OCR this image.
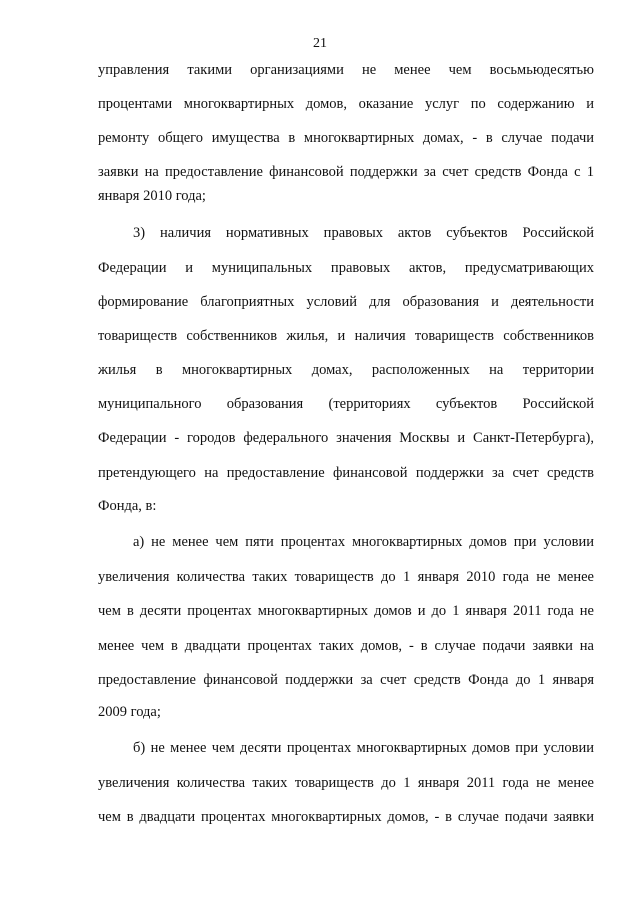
21
управления такими организациями не менее чем восьмьюдесятью
процентами многоквартирных домов, оказание услуг по содержанию и
ремонту общего имущества в многоквартирных домах, - в случае подачи
заявки на предоставление финансовой поддержки за счет средств Фонда с 1
января 2010 года;
3) наличия нормативных правовых актов субъектов Российской
Федерации и муниципальных правовых актов, предусматривающих
формирование благоприятных условий для образования и деятельности
товариществ собственников жилья, и наличия товариществ собственников
жилья в многоквартирных домах, расположенных на территории
муниципального образования (территориях субъектов Российской
Федерации - городов федерального значения Москвы и Санкт-Петербурга),
претендующего на предоставление финансовой поддержки за счет средств
Фонда, в:
а) не менее чем пяти процентах многоквартирных домов при условии
увеличения количества таких товариществ до 1 января 2010 года не менее
чем в десяти процентах многоквартирных домов и до 1 января 2011 года не
менее чем в двадцати процентах таких домов, - в случае подачи заявки на
предоставление финансовой поддержки за счет средств Фонда до 1 января
2009 года;
б) не менее чем десяти процентах многоквартирных домов при условии
увеличения количества таких товариществ до 1 января 2011 года не менее
чем в двадцати процентах многоквартирных домов, - в случае подачи заявки
